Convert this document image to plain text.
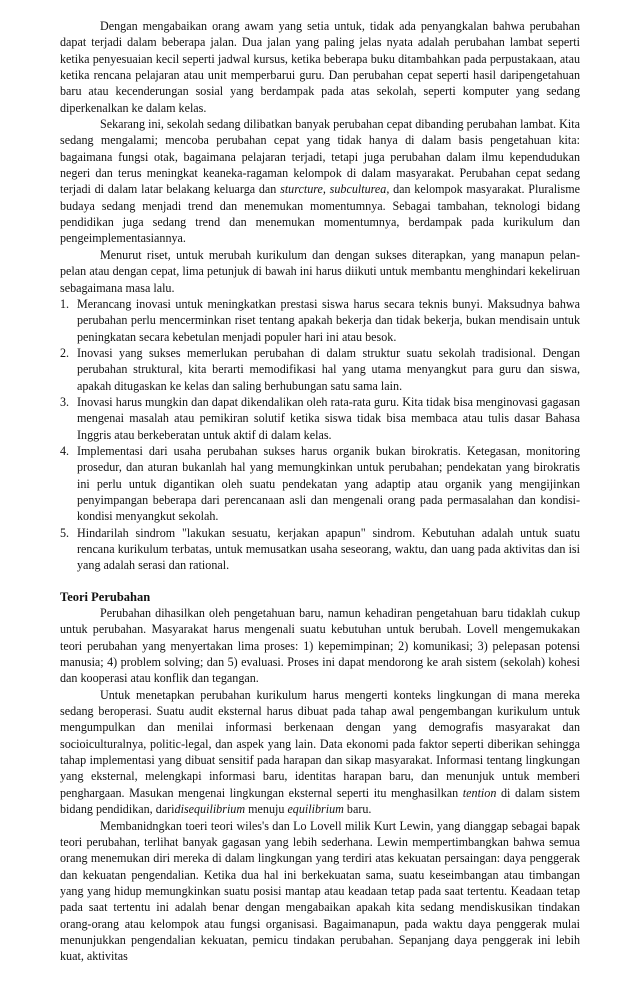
Dengan mengabaikan orang awam yang setia untuk, tidak ada penyangkalan bahwa perubahan dapat terjadi dalam beberapa jalan. Dua jalan yang paling jelas nyata adalah perubahan lambat seperti ketika penyesuaian kecil seperti jadwal kursus, ketika beberapa buku ditambahkan pada perpustakaan, atau ketika rencana pelajaran atau unit memperbarui guru. Dan perubahan cepat seperti hasil daripengetahuan baru atau kecenderungan sosial yang berdampak pada atas sekolah, seperti komputer yang sedang diperkenalkan ke dalam kelas.

Sekarang ini, sekolah sedang dilibatkan banyak perubahan cepat dibanding perubahan lambat. Kita sedang mengalami; mencoba perubahan cepat yang tidak hanya di dalam basis pengetahuan kita: bagaimana fungsi otak, bagaimana pelajaran terjadi, tetapi juga perubahan dalam ilmu kependudukan negeri dan terus meningkat keaneka-ragaman kelompok di dalam masyarakat. Perubahan cepat sedang terjadi di dalam latar belakang keluarga dan sturcture, subculturea, dan kelompok masyarakat. Pluralisme budaya sedang menjadi trend dan menemukan momentumnya. Sebagai tambahan, teknologi bidang pendidikan juga sedang trend dan menemukan momentumnya, berdampak pada kurikulum dan pengeimplementasiannya.

Menurut riset, untuk merubah kurikulum dan dengan sukses diterapkan, yang manapun pelan-pelan atau dengan cepat, lima petunjuk di bawah ini harus diikuti untuk membantu menghindari kekeliruan sebagaimana masa lalu.

1. Merancang inovasi untuk meningkatkan prestasi siswa harus secara teknis bunyi. Maksudnya bahwa perubahan perlu mencerminkan riset tentang apakah bekerja dan tidak bekerja, bukan mendisain untuk peningkatan secara kebetulan menjadi populer hari ini atau besok.
2. Inovasi yang sukses memerlukan perubahan di dalam struktur suatu sekolah tradisional. Dengan perubahan struktural, kita berarti memodifikasi hal yang utama menyangkut para guru dan siswa, apakah ditugaskan ke kelas dan saling berhubungan satu sama lain.
3. Inovasi harus mungkin dan dapat dikendalikan oleh rata-rata guru. Kita tidak bisa menginovasi gagasan mengenai masalah atau pemikiran solutif ketika siswa tidak bisa membaca atau tulis dasar Bahasa Inggris atau berkeberatan untuk aktif di dalam kelas.
4. Implementasi dari usaha perubahan sukses harus organik bukan birokratis. Ketegasan, monitoring prosedur, dan aturan bukanlah hal yang memungkinkan untuk perubahan; pendekatan yang birokratis ini perlu untuk digantikan oleh suatu pendekatan yang adaptip atau organik yang mengijinkan penyimpangan beberapa dari perencanaan asli dan mengenali orang pada permasalahan dan kondisi-kondisi menyangkut sekolah.
5. Hindarilah sindrom "lakukan sesuatu, kerjakan apapun" sindrom. Kebutuhan adalah untuk suatu rencana kurikulum terbatas, untuk memusatkan usaha seseorang, waktu, dan uang pada aktivitas dan isi yang adalah serasi dan rational.
Teori Perubahan

Perubahan dihasilkan oleh pengetahuan baru, namun kehadiran pengetahuan baru tidaklah cukup untuk perubahan. Masyarakat harus mengenali suatu kebutuhan untuk berubah. Lovell mengemukakan teori perubahan yang menyertakan lima proses: 1) kepemimpinan; 2) komunikasi; 3) pelepasan potensi manusia; 4) problem solving; dan 5) evaluasi. Proses ini dapat mendorong ke arah sistem (sekolah) kohesi dan kooperasi atau konflik dan tegangan.

Untuk menetapkan perubahan kurikulum harus mengerti konteks lingkungan di mana mereka sedang beroperasi. Suatu audit eksternal harus dibuat pada tahap awal pengembangan kurikulum untuk mengumpulkan dan menilai informasi berkenaan dengan yang demografis masyarakat dan socioiculturalnya, politic-legal, dan aspek yang lain. Data ekonomi pada faktor seperti diberikan sehingga tahap implementasi yang dibuat sensitif pada harapan dan sikap masyarakat. Informasi tentang lingkungan yang eksternal, melengkapi informasi baru, identitas harapan baru, dan menunjuk untuk memberi penghargaan. Masukan mengenai lingkungan eksternal seperti itu menghasilkan tention di dalam sistem bidang pendidikan, daridisequilibrium menuju equilibrium baru.

Membanidngkan toeri teori wiles's dan Lo Lovell milik Kurt Lewin, yang dianggap sebagai bapak teori perubahan, terlihat banyak gagasan yang lebih sederhana. Lewin mempertimbangkan bahwa semua orang menemukan diri mereka di dalam lingkungan yang terdiri atas kekuatan persaingan: daya penggerak dan kekuatan pengendalian. Ketika dua hal ini berkekuatan sama, suatu keseimbangan atau timbangan yang yang hidup memungkinkan suatu posisi mantap atau keadaan tetap pada saat tertentu. Keadaan tetap pada saat tertentu ini adalah benar dengan mengabaikan apakah kita sedang mendiskusikan tindakan orang-orang atau kelompok atau fungsi organisasi. Bagaimanapun, pada waktu daya penggerak mulai menunjukkan pengendalian kekuatan, pemicu tindakan perubahan. Sepanjang daya penggerak ini lebih kuat, aktivitas
